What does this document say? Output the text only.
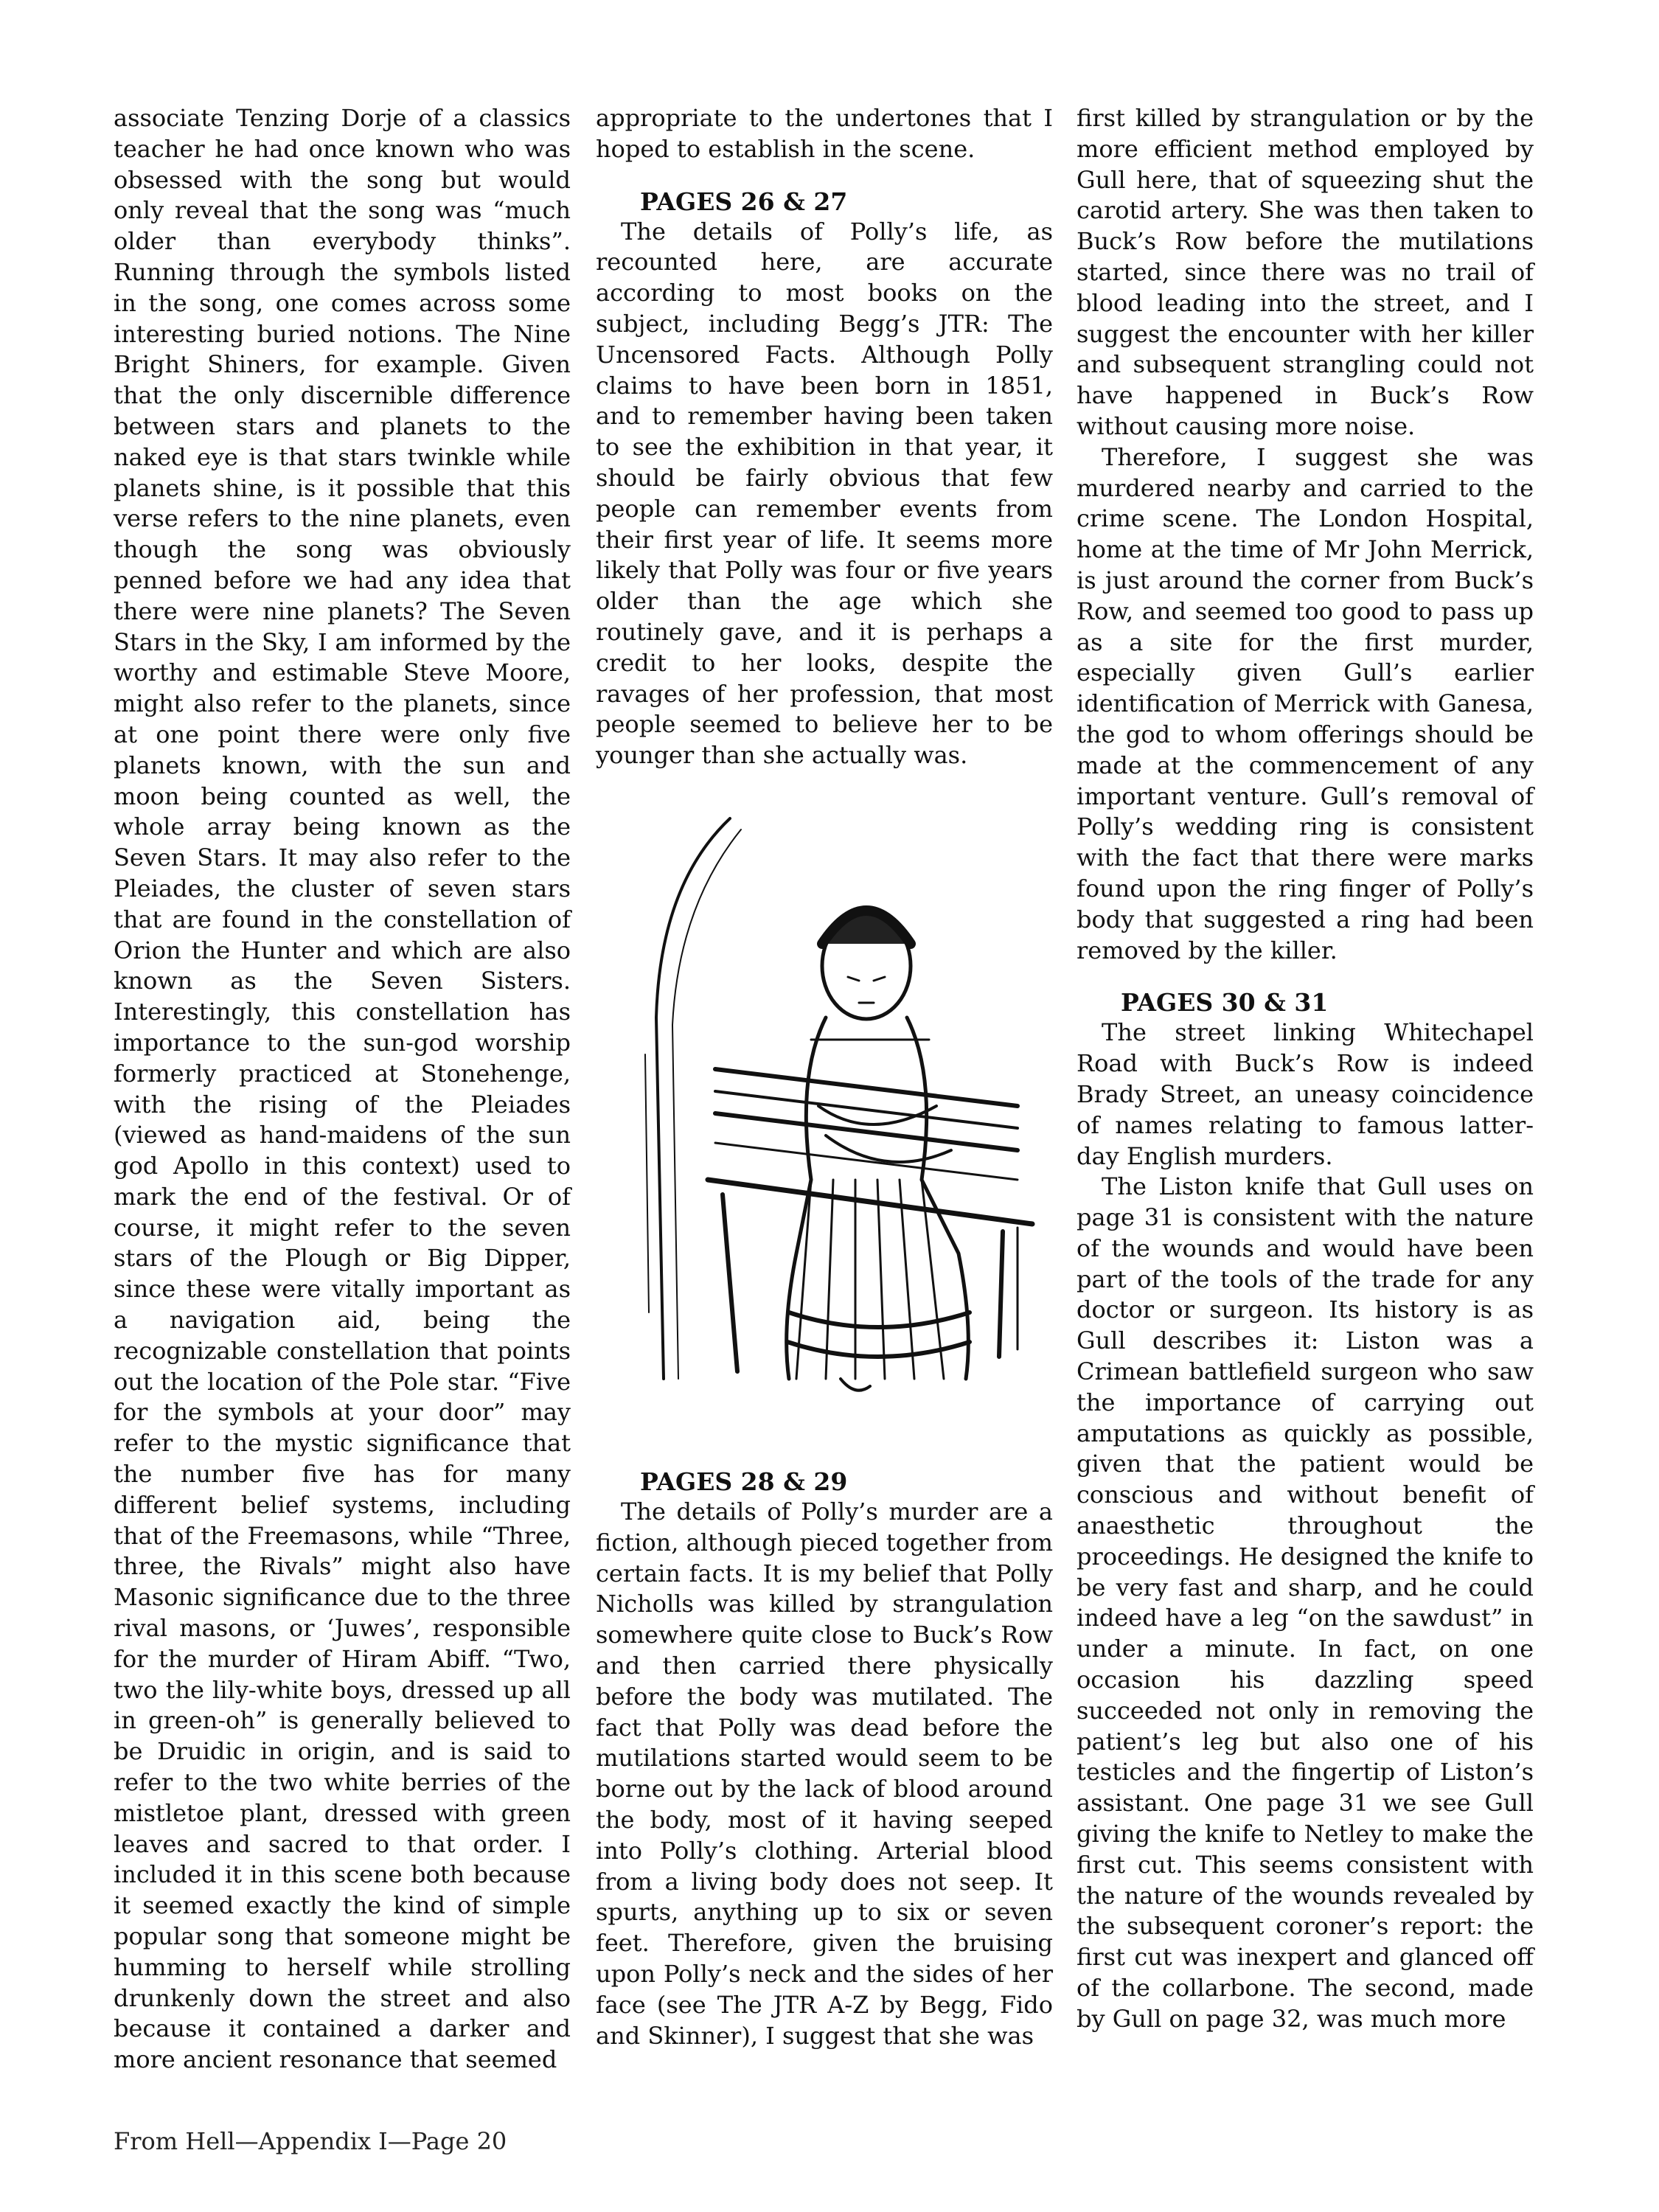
associate Tenzing Dorje of a classics teacher he had once known who was obsessed with the song but would only reveal that the song was “much older than everybody thinks”. Running through the symbols listed in the song, one comes across some interesting buried notions. The Nine Bright Shiners, for example. Given that the only discernible difference between stars and planets to the naked eye is that stars twinkle while planets shine, is it possible that this verse refers to the nine planets, even though the song was obviously penned before we had any idea that there were nine planets? The Seven Stars in the Sky, I am informed by the worthy and estimable Steve Moore, might also refer to the planets, since at one point there were only five planets known, with the sun and moon being counted as well, the whole array being known as the Seven Stars. It may also refer to the Pleiades, the cluster of seven stars that are found in the constellation of Orion the Hunter and which are also known as the Seven Sisters. Interestingly, this constellation has importance to the sun-god worship formerly practiced at Stonehenge, with the rising of the Pleiades (viewed as hand-maidens of the sun god Apollo in this context) used to mark the end of the festival. Or of course, it might refer to the seven stars of the Plough or Big Dipper, since these were vitally important as a navigation aid, being the recognizable constellation that points out the location of the Pole star. “Five for the symbols at your door” may refer to the mystic significance that the number five has for many different belief systems, including that of the Freemasons, while “Three, three, the Rivals” might also have Masonic significance due to the three rival masons, or ‘Juwes’, responsible for the murder of Hiram Abiff. “Two, two the lily-white boys, dressed up all in green-oh” is generally believed to be Druidic in origin, and is said to refer to the two white berries of the mistletoe plant, dressed with green leaves and sacred to that order. I included it in this scene both because it seemed exactly the kind of simple popular song that someone might be humming to herself while strolling drunkenly down the street and also because it contained a darker and more ancient resonance that seemed

appropriate to the undertones that I hoped to establish in the scene.

PAGES 26 & 27

The details of Polly’s life, as recounted here, are accurate according to most books on the subject, including Begg’s JTR: The Uncensored Facts. Although Polly claims to have been born in 1851, and to remember having been taken to see the exhibition in that year, it should be fairly obvious that few people can remember events from their first year of life. It seems more likely that Polly was four or five years older than the age which she routinely gave, and it is perhaps a credit to her looks, despite the ravages of her profession, that most people seemed to believe her to be younger than she actually was.

PAGES 28 & 29

The details of Polly’s murder are a fiction, although pieced together from certain facts. It is my belief that Polly Nicholls was killed by strangulation somewhere quite close to Buck’s Row and then carried there physically before the body was mutilated. The fact that Polly was dead before the mutilations started would seem to be borne out by the lack of blood around the body, most of it having seeped into Polly’s clothing. Arterial blood from a living body does not seep. It spurts, anything up to six or seven feet. Therefore, given the bruising upon Polly’s neck and the sides of her face (see The JTR A-Z by Begg, Fido and Skinner), I suggest that she was

first killed by strangulation or by the more efficient method employed by Gull here, that of squeezing shut the carotid artery. She was then taken to Buck’s Row before the mutilations started, since there was no trail of blood leading into the street, and I suggest the encounter with her killer and subsequent strangling could not have happened in Buck’s Row without causing more noise.

Therefore, I suggest she was murdered nearby and carried to the crime scene. The London Hospital, home at the time of Mr John Merrick, is just around the corner from Buck’s Row, and seemed too good to pass up as a site for the first murder, especially given Gull’s earlier identification of Merrick with Ganesa, the god to whom offerings should be made at the commencement of any important venture. Gull’s removal of Polly’s wedding ring is consistent with the fact that there were marks found upon the ring finger of Polly’s body that suggested a ring had been removed by the killer.

PAGES 30 & 31

The street linking Whitechapel Road with Buck’s Row is indeed Brady Street, an uneasy coincidence of names relating to famous latter-day English murders.

The Liston knife that Gull uses on page 31 is consistent with the nature of the wounds and would have been part of the tools of the trade for any doctor or surgeon. Its history is as Gull describes it: Liston was a Crimean battlefield surgeon who saw the importance of carrying out amputations as quickly as possible, given that the patient would be conscious and without benefit of anaesthetic throughout the proceedings. He designed the knife to be very fast and sharp, and he could indeed have a leg “on the sawdust” in under a minute. In fact, on one occasion his dazzling speed succeeded not only in removing the patient’s leg but also one of his testicles and the fingertip of Liston’s assistant. One page 31 we see Gull giving the knife to Netley to make the first cut. This seems consistent with the nature of the wounds revealed by the subsequent coroner’s report: the first cut was inexpert and glanced off of the collarbone. The second, made by Gull on page 32, was much more

From Hell—Appendix I—Page 20
